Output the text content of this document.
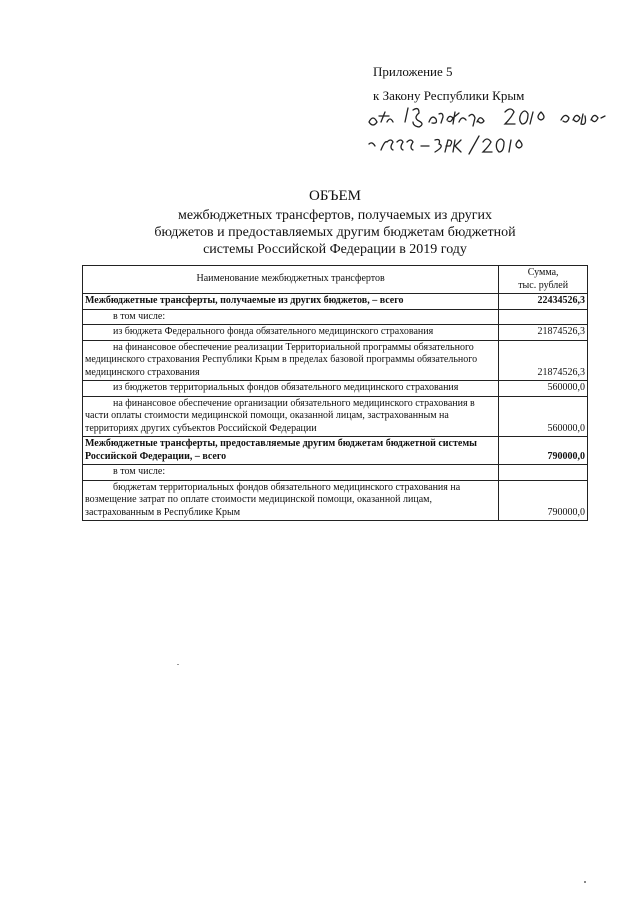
Приложение 5
к Закону Республики Крым
ОБЪЕМ
межбюджетных трансфертов, получаемых из других
бюджетов и предоставляемых другим бюджетам бюджетной
системы Российской Федерации в 2019 году
Наименование межбюджетных трансфертов	Сумма,
тыс. рублей

Межбюджетные трансферты, получаемые из других бюджетов, – всего	22434526,3
в том числе:	
из бюджета Федерального фонда обязательного медицинского страхования	21874526,3
на финансовое обеспечение реализации Территориальной программы обязательного медицинского страхования Республики Крым в пределах базовой программы обязательного медицинского страхования	21874526,3
из бюджетов территориальных фондов обязательного медицинского страхования	560000,0
на финансовое обеспечение организации обязательного медицинского страхования в части оплаты стоимости медицинской помощи, оказанной лицам, застрахованным на территориях других субъектов Российской Федерации	560000,0
Межбюджетные трансферты, предоставляемые другим бюджетам бюджетной системы Российской Федерации, – всего	790000,0
в том числе:	
бюджетам территориальных фондов обязательного медицинского страхования на возмещение затрат по оплате стоимости медицинской помощи, оказанной лицам, застрахованным в Республике Крым	790000,0
